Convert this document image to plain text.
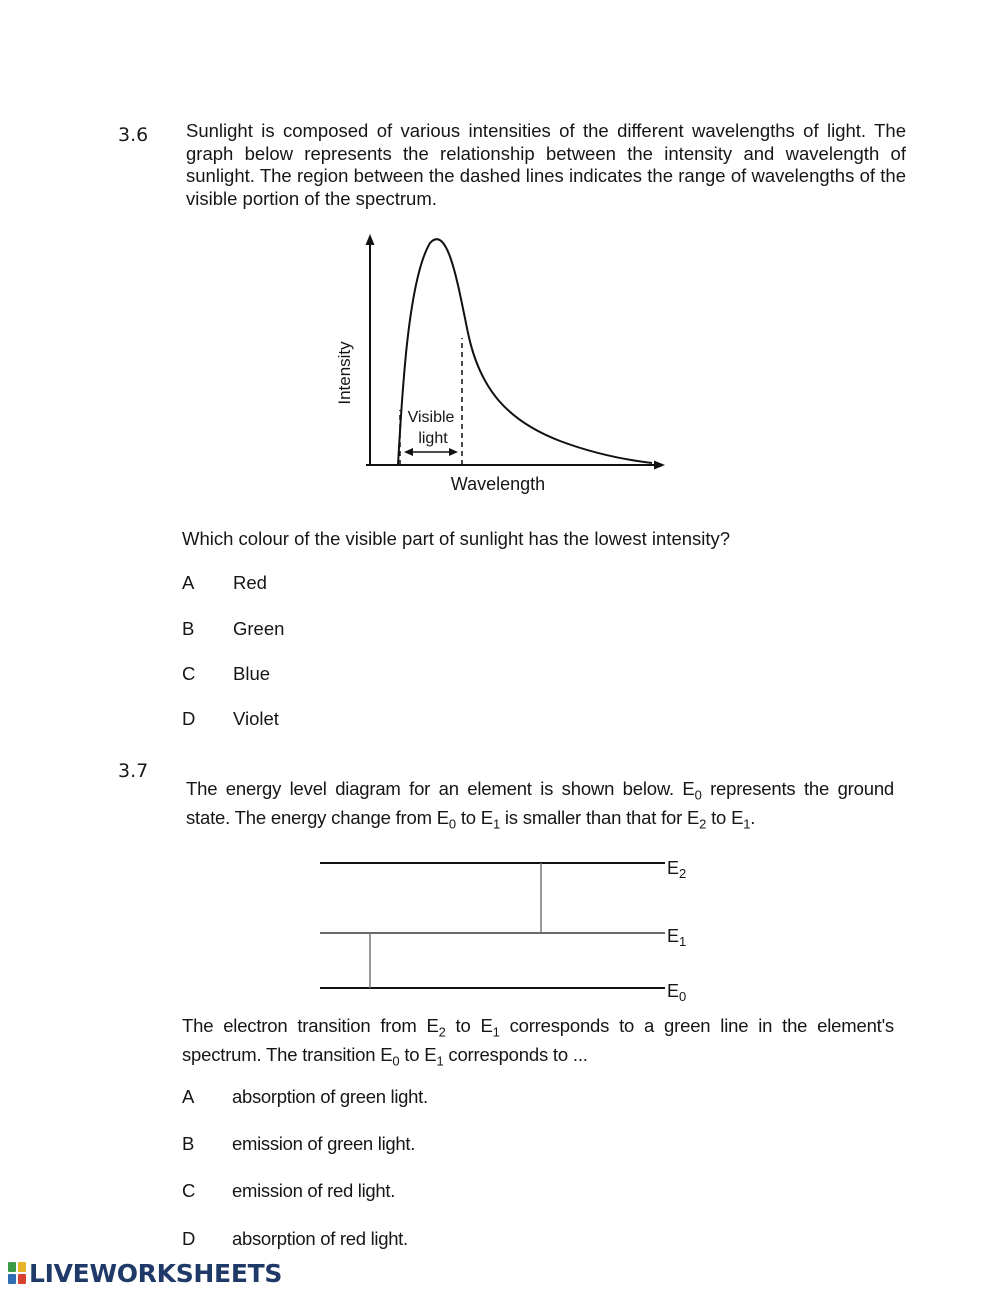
3.6 Sunlight is composed of various intensities of the different wavelengths of light. The graph below represents the relationship between the intensity and wavelength of sunlight. The region between the dashed lines indicates the range of wavelengths of the visible portion of the spectrum.
Visible
light
Intensity
Wavelength
Which colour of the visible part of sunlight has the lowest intensity?
A Red
B Green
C Blue
D Violet
3.7
The energy level diagram for an element is shown below. $E_0$ represents the ground state. The energy change from $E_0$ to $E_1$ is smaller than that for $E_2$ to $E_1$.
$E_2$
$E_1$
$E_0$
The electron transition from $E_2$ to $E_1$ corresponds to a green line in the element's spectrum. The transition $E_0$ to $E_1$ corresponds to ...
A absorption of green light.
B emission of green light.
C emission of red light.
D absorption of red light.
LIVEWORKSHEETS
